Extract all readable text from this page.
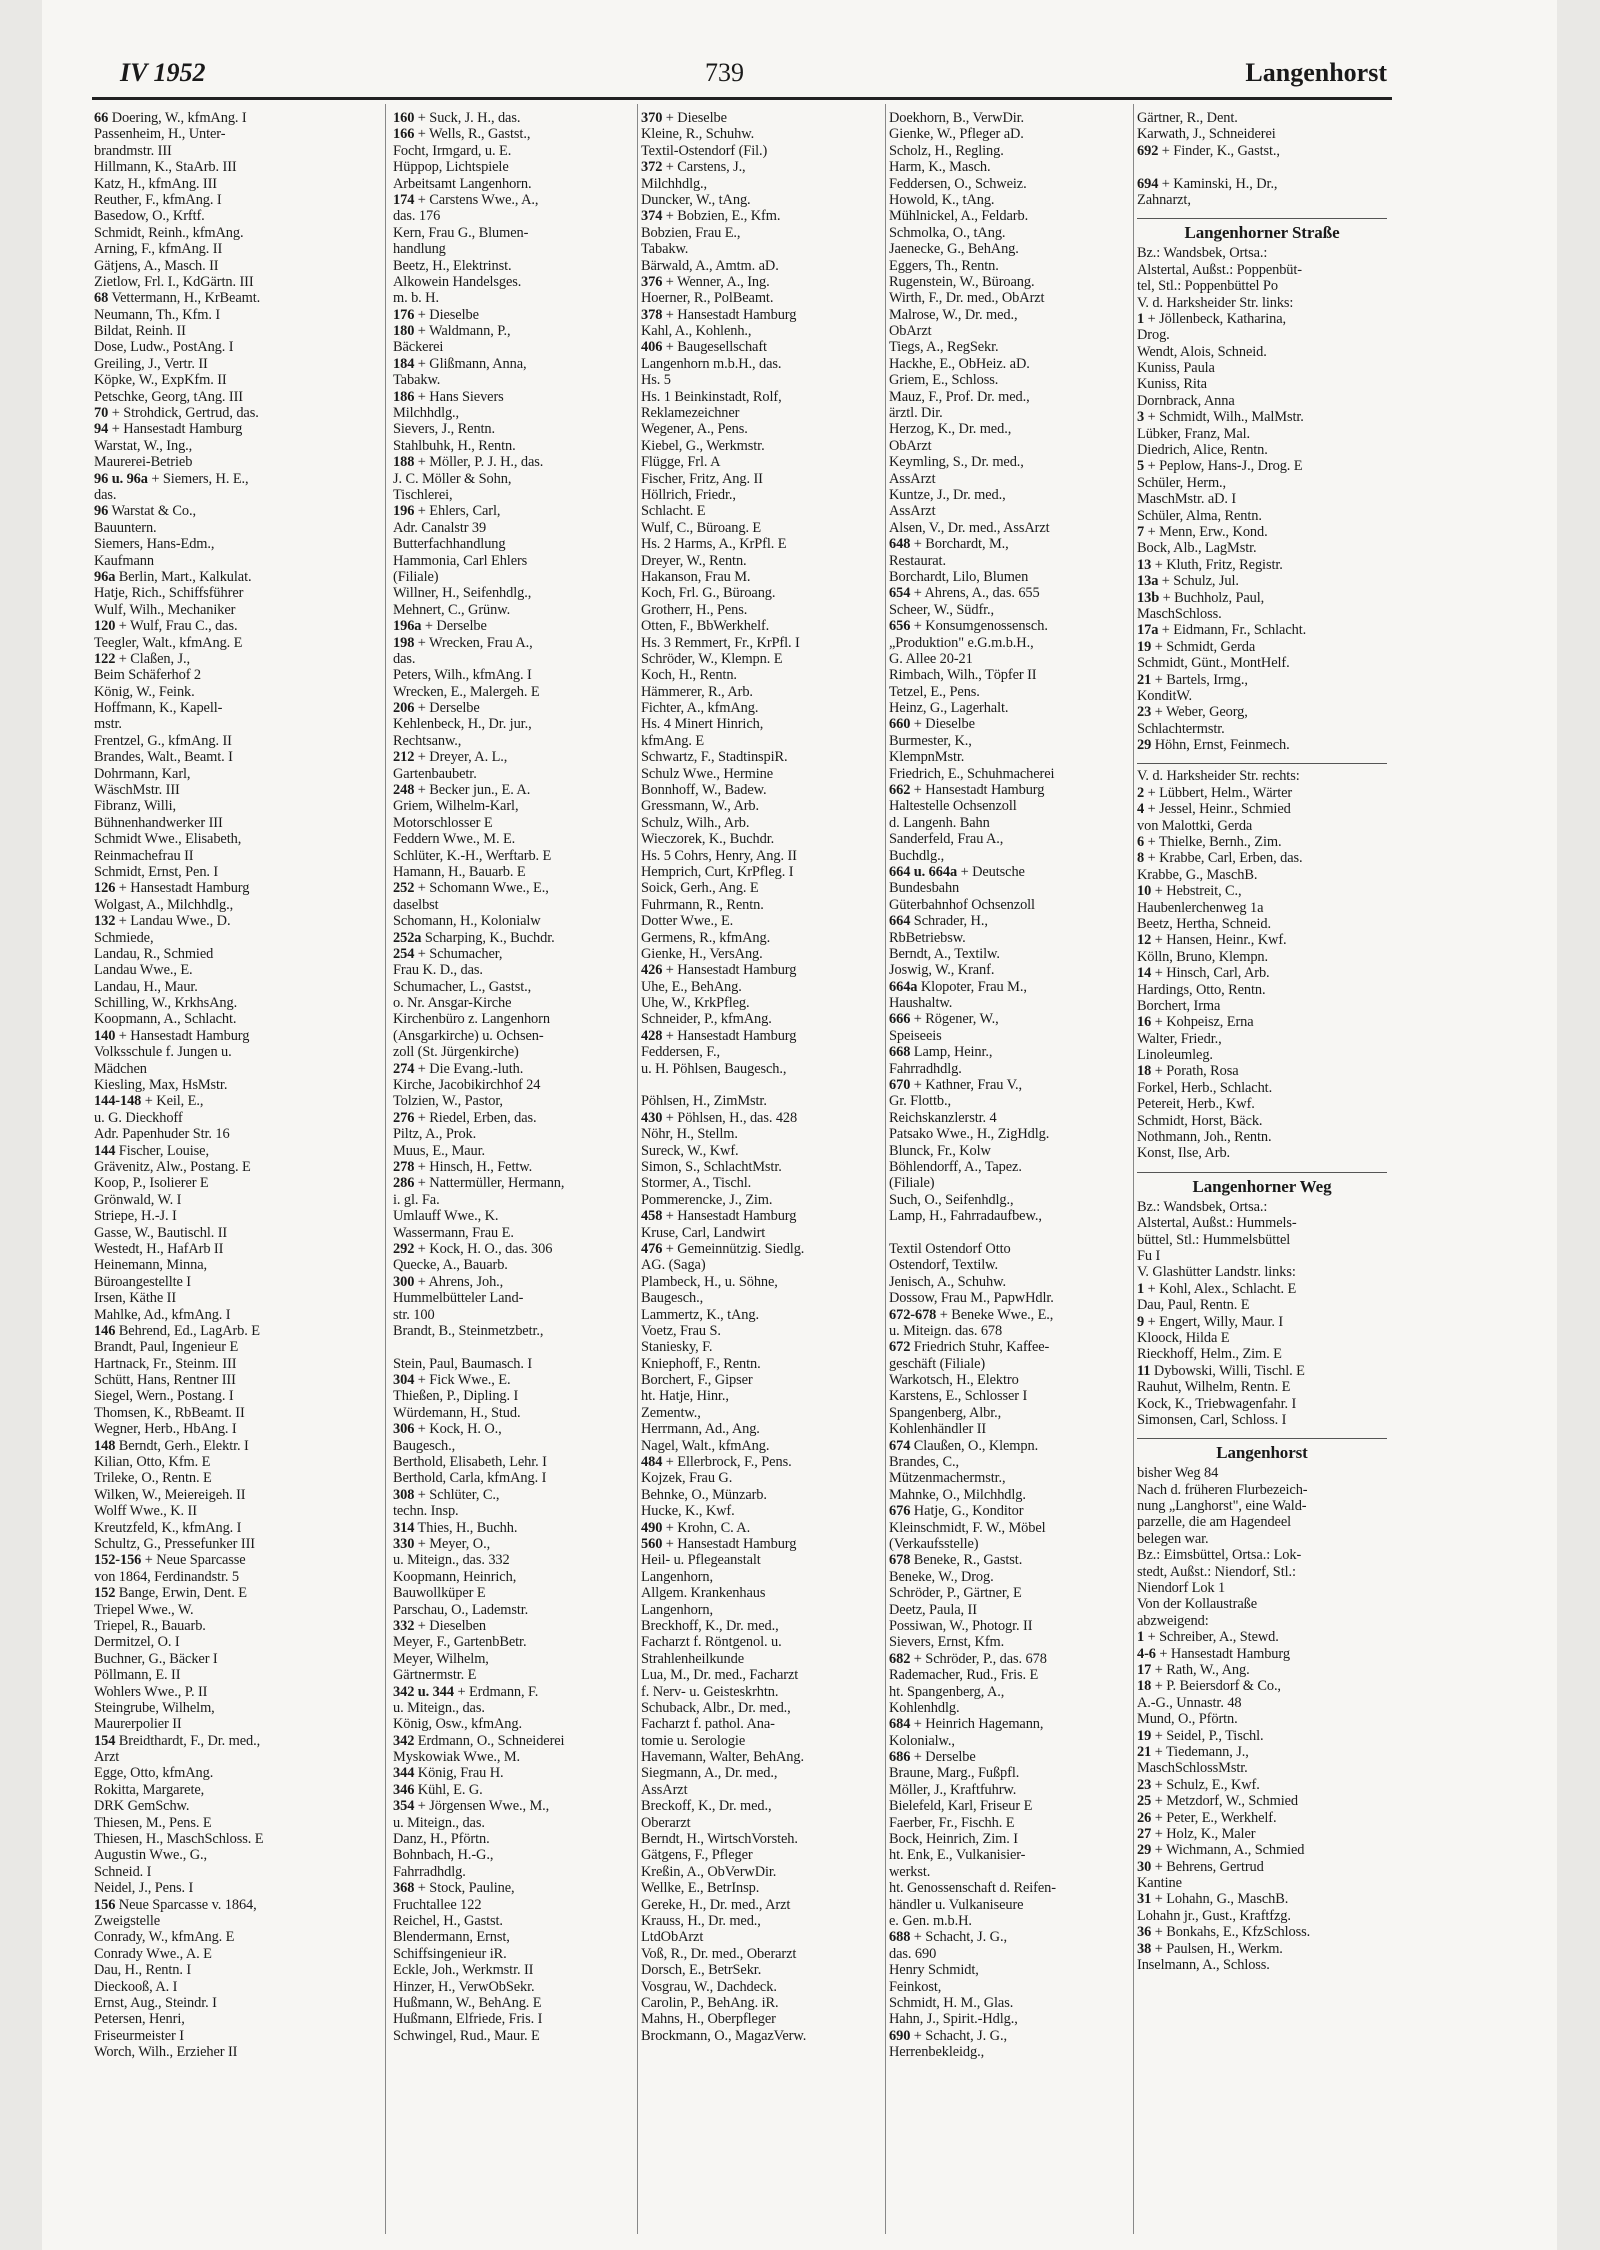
IV 1952	739	Langenhorst
66 Doering, W., kfmAng. I
Passenheim, H., Unter-
brandmstr. III
Hillmann, K., StaArb. III
Katz, H., kfmAng. III
Reuther, F., kfmAng. I
Basedow, O., Krftf.
Schmidt, Reinh., kfmAng.
Arning, F., kfmAng. II
Gätjens, A., Masch. II
Zietlow, Frl. I., KdGärtn. III
68 Vettermann, H., KrBeamt.
Neumann, Th., Kfm. I
Bildat, Reinh. II
Dose, Ludw., PostAng. I
Greiling, J., Vertr. II
Köpke, W., ExpKfm. II
Petschke, Georg, tAng. III
70 + Strohdick, Gertrud, das.
94 + Hansestadt Hamburg
Warstat, W., Ing.,
Maurerei-Betrieb
96 u. 96a + Siemers, H. E.,
das.
96 Warstat & Co.,
Bauuntern.
Siemers, Hans-Edm.,
Kaufmann
96a Berlin, Mart., Kalkulat.
Hatje, Rich., Schiffsführer
Wulf, Wilh., Mechaniker
120 + Wulf, Frau C., das.
Teegler, Walt., kfmAng. E
122 + Claßen, J.,
Beim Schäferhof 2
König, W., Feink.
Hoffmann, K., Kapell-
mstr.
Frentzel, G., kfmAng. II
Brandes, Walt., Beamt. I
Dohrmann, Karl,
WäschMstr. III
Fibranz, Willi,
Bühnenhandwerker III
Schmidt Wwe., Elisabeth,
Reinmachefrau II
Schmidt, Ernst, Pen. I
126 + Hansestadt Hamburg
Wolgast, A., Milchhdlg.,
132 + Landau Wwe., D.
Schmiede,
Landau, R., Schmied
Landau Wwe., E.
Landau, H., Maur.
Schilling, W., KrkhsAng.
Koopmann, A., Schlacht.
140 + Hansestadt Hamburg
Volksschule f. Jungen u.
Mädchen
Kiesling, Max, HsMstr.
144-148 + Keil, E.,
u. G. Dieckhoff
Adr. Papenhuder Str. 16
144 Fischer, Louise,
Grävenitz, Alw., Postang. E
Koop, P., Isolierer E
Grönwald, W. I
Striepe, H.-J. I
Gasse, W., Bautischl. II
Westedt, H., HafArb II
Heinemann, Minna,
Büroangestellte I
Irsen, Käthe II
Mahlke, Ad., kfmAng. I
146 Behrend, Ed., LagArb. E
Brandt, Paul, Ingenieur E
Hartnack, Fr., Steinm. III
Schütt, Hans, Rentner III
Siegel, Wern., Postang. I
Thomsen, K., RbBeamt. II
Wegner, Herb., HbAng. I
148 Berndt, Gerh., Elektr. I
Kilian, Otto, Kfm. E
Trileke, O., Rentn. E
Wilken, W., Meiereigeh. II
Wolff Wwe., K. II
Kreutzfeld, K., kfmAng. I
Schultz, G., Pressefunker III
152-156 + Neue Sparcasse
von 1864, Ferdinandstr. 5
152 Bange, Erwin, Dent. E
Triepel Wwe., W.
Triepel, R., Bauarb.
Dermitzel, O. I
Buchner, G., Bäcker I
Pöllmann, E. II
Wohlers Wwe., P. II
Steingrube, Wilhelm,
Maurerpolier II
154 Breidthardt, F., Dr. med.,
Arzt
Egge, Otto, kfmAng.
Rokitta, Margarete,
DRK GemSchw.
Thiesen, M., Pens. E
Thiesen, H., MaschSchloss. E
Augustin Wwe., G.,
Schneid. I
Neidel, J., Pens. I
156 Neue Sparcasse v. 1864,
Zweigstelle
Conrady, W., kfmAng. E
Conrady Wwe., A. E
Dau, H., Rentn. I
Dieckooß, A. I
Ernst, Aug., Steindr. I
Petersen, Henri,
Friseurmeister I
Worch, Wilh., Erzieher II
160 + Suck, J. H., das.
166 + Wells, R., Gastst.,
Focht, Irmgard, u. E.
Hüppop, Lichtspiele
Arbeitsamt Langenhorn.
174 + Carstens Wwe., A.,
das. 176
Kern, Frau G., Blumen-
handlung
Beetz, H., Elektrinst.
Alkowein Handelsges.
m. b. H.
176 + Dieselbe
180 + Waldmann, P.,
Bäckerei
184 + Glißmann, Anna,
Tabakw.
186 + Hans Sievers
Milchhdlg.,
Sievers, J., Rentn.
Stahlbuhk, H., Rentn.
188 + Möller, P. J. H., das.
J. C. Möller & Sohn,
Tischlerei,
196 + Ehlers, Carl,
Adr. Canalstr 39
Butterfachhandlung
Hammonia, Carl Ehlers
(Filiale)
Willner, H., Seifenhdlg.,
Mehnert, C., Grünw.
196a + Derselbe
198 + Wrecken, Frau A.,
das.
Peters, Wilh., kfmAng. I
Wrecken, E., Malergeh. E
206 + Derselbe
Kehlenbeck, H., Dr. jur.,
Rechtsanw.,
212 + Dreyer, A. L.,
Gartenbaubetr.
248 + Becker jun., E. A.
Griem, Wilhelm-Karl,
Motorschlosser E
Feddern Wwe., M. E.
Schlüter, K.-H., Werftarb. E
Hamann, H., Bauarb. E
252 + Schomann Wwe., E.,
daselbst
Schomann, H., Kolonialw
252a Scharping, K., Buchdr.
254 + Schumacher,
Frau K. D., das.
Schumacher, L., Gastst.,
o. Nr. Ansgar-Kirche
Kirchenbüro z. Langenhorn
(Ansgarkirche) u. Ochsen-
zoll (St. Jürgenkirche)
274 + Die Evang.-luth.
Kirche, Jacobikirchhof 24
Tolzien, W., Pastor,
276 + Riedel, Erben, das.
Piltz, A., Prok.
Muus, E., Maur.
278 + Hinsch, H., Fettw.
286 + Nattermüller, Hermann,
i. gl. Fa.
Umlauff Wwe., K.
Wassermann, Frau E.
292 + Kock, H. O., das. 306
Quecke, A., Bauarb.
300 + Ahrens, Joh.,
Hummelbütteler Land-
str. 100
Brandt, B., Steinmetzbetr.,
Stein, Paul, Baumasch. I
304 + Fick Wwe., E.
Thießen, P., Dipling. I
Würdemann, H., Stud.
306 + Kock, H. O.,
Baugesch.,
Berthold, Elisabeth, Lehr. I
Berthold, Carla, kfmAng. I
308 + Schlüter, C.,
techn. Insp.
314 Thies, H., Buchh.
330 + Meyer, O.,
u. Miteign., das. 332
Koopmann, Heinrich,
Bauwollküper E
Parschau, O., Lademstr.
332 + Dieselben
Meyer, F., GartenbBetr.
Meyer, Wilhelm,
Gärtnermstr. E
342 u. 344 + Erdmann, F.
u. Miteign., das.
König, Osw., kfmAng.
342 Erdmann, O., Schneiderei
Myskowiak Wwe., M.
344 König, Frau H.
346 Kühl, E. G.
354 + Jörgensen Wwe., M.,
u. Miteign., das.
Danz, H., Pförtn.
Bohnbach, H.-G.,
Fahrradhdlg.
368 + Stock, Pauline,
Fruchtallee 122
Reichel, H., Gastst.
Blendermann, Ernst,
Schiffsingenieur iR.
Eckle, Joh., Werkmstr. II
Hinzer, H., VerwObSekr.
Hußmann, W., BehAng. E
Hußmann, Elfriede, Fris. I
Schwingel, Rud., Maur. E
370 + Dieselbe
Kleine, R., Schuhw.
Textil-Ostendorf (Fil.)
372 + Carstens, J.,
Milchhdlg.,
Duncker, W., tAng.
374 + Bobzien, E., Kfm.
Bobzien, Frau E.,
Tabakw.
Bärwald, A., Amtm. aD.
376 + Wenner, A., Ing.
Hoerner, R., PolBeamt.
378 + Hansestadt Hamburg
Kahl, A., Kohlenh.,
406 + Baugesellschaft
Langenhorn m.b.H., das.
Hs. 5
Hs. 1 Beinkinstadt, Rolf,
Reklamezeichner
Wegener, A., Pens.
Kiebel, G., Werkmstr.
Flügge, Frl. A
Fischer, Fritz, Ang. II
Höllrich, Friedr.,
Schlacht. E
Wulf, C., Büroang. E
Hs. 2 Harms, A., KrPfl. E
Dreyer, W., Rentn.
Hakanson, Frau M.
Koch, Frl. G., Büroang.
Grotherr, H., Pens.
Otten, F., BbWerkhelf.
Hs. 3 Remmert, Fr., KrPfl. I
Schröder, W., Klempn. E
Koch, H., Rentn.
Hämmerer, R., Arb.
Fichter, A., kfmAng.
Hs. 4 Minert Hinrich,
kfmAng. E
Schwartz, F., StadtinspiR.
Schulz Wwe., Hermine
Bonnhoff, W., Badew.
Gressmann, W., Arb.
Schulz, Wilh., Arb.
Wieczorek, K., Buchdr.
Hs. 5 Cohrs, Henry, Ang. II
Hemprich, Curt, KrPfleg. I
Soick, Gerh., Ang. E
Fuhrmann, R., Rentn.
Dotter Wwe., E.
Germens, R., kfmAng.
Gienke, H., VersAng.
426 + Hansestadt Hamburg
Uhe, E., BehAng.
Uhe, W., KrkPfleg.
Schneider, P., kfmAng.
428 + Hansestadt Hamburg
Feddersen, F.,
u. H. Pöhlsen, Baugesch.,
Pöhlsen, H., ZimMstr.
430 + Pöhlsen, H., das. 428
Nöhr, H., Stellm.
Sureck, W., Kwf.
Simon, S., SchlachtMstr.
Stormer, A., Tischl.
Pommerencke, J., Zim.
458 + Hansestadt Hamburg
Kruse, Carl, Landwirt
476 + Gemeinnützig. Siedlg.
AG. (Saga)
Plambeck, H., u. Söhne,
Baugesch.,
Lammertz, K., tAng.
Voetz, Frau S.
Staniesky, F.
Kniephoff, F., Rentn.
Borchert, F., Gipser
ht. Hatje, Hinr.,
Zementw.,
Herrmann, Ad., Ang.
Nagel, Walt., kfmAng.
484 + Ellerbrock, F., Pens.
Kojzek, Frau G.
Behnke, O., Münzarb.
Hucke, K., Kwf.
490 + Krohn, C. A.
560 + Hansestadt Hamburg
Heil- u. Pflegeanstalt
Langenhorn,
Allgem. Krankenhaus
Langenhorn,
Breckhoff, K., Dr. med.,
Facharzt f. Röntgenol. u.
Strahlenheilkunde
Lua, M., Dr. med., Facharzt
f. Nerv- u. Geisteskrhtn.
Schuback, Albr., Dr. med.,
Facharzt f. pathol. Ana-
tomie u. Serologie
Havemann, Walter, BehAng.
Siegmann, A., Dr. med.,
AssArzt
Breckoff, K., Dr. med.,
Oberarzt
Berndt, H., WirtschVorsteh.
Gätgens, F., Pfleger
Kreßin, A., ObVerwDir.
Wellke, E., BetrInsp.
Gereke, H., Dr. med., Arzt
Krauss, H., Dr. med.,
LtdObArzt
Voß, R., Dr. med., Oberarzt
Dorsch, E., BetrSekr.
Vosgrau, W., Dachdeck.
Carolin, P., BehAng. iR.
Mahns, H., Oberpfleger
Brockmann, O., MagazVerw.
Doekhorn, B., VerwDir.
Gienke, W., Pfleger aD.
Scholz, H., Regling.
Harm, K., Masch.
Feddersen, O., Schweiz.
Howold, K., tAng.
Mühlnickel, A., Feldarb.
Schmolka, O., tAng.
Jaenecke, G., BehAng.
Eggers, Th., Rentn.
Rugenstein, W., Büroang.
Wirth, F., Dr. med., ObArzt
Malrose, W., Dr. med.,
ObArzt
Tiegs, A., RegSekr.
Hackhe, E., ObHeiz. aD.
Griem, E., Schloss.
Mauz, F., Prof. Dr. med.,
ärztl. Dir.
Herzog, K., Dr. med.,
ObArzt
Keymling, S., Dr. med.,
AssArzt
Kuntze, J., Dr. med.,
AssArzt
Alsen, V., Dr. med., AssArzt
648 + Borchardt, M.,
Restaurat.
Borchardt, Lilo, Blumen
654 + Ahrens, A., das. 655
Scheer, W., Südfr.,
656 + Konsumgenossensch.
„Produktion" e.G.m.b.H.,
G. Allee 20-21
Rimbach, Wilh., Töpfer II
Tetzel, E., Pens.
Heinz, G., Lagerhalt.
660 + Dieselbe
Burmester, K.,
KlempnMstr.
Friedrich, E., Schuhmacherei
662 + Hansestadt Hamburg
Haltestelle Ochsenzoll
d. Langenh. Bahn
Sanderfeld, Frau A.,
Buchdlg.,
664 u. 664a + Deutsche
Bundesbahn
Güterbahnhof Ochsenzoll
664 Schrader, H.,
RbBetriebsw.
Berndt, A., Textilw.
Joswig, W., Kranf.
664a Klopoter, Frau M.,
Haushaltw.
666 + Rögener, W.,
Speiseeis
668 Lamp, Heinr.,
Fahrradhdlg.
670 + Kathner, Frau V.,
Gr. Flottb.,
Reichskanzlerstr. 4
Patsako Wwe., H., ZigHdlg.
Blunck, Fr., Kolw
Böhlendorff, A., Tapez.
(Filiale)
Such, O., Seifenhdlg.,
Lamp, H., Fahrradaufbew.,
Textil Ostendorf Otto
Ostendorf, Textilw.
Jenisch, A., Schuhw.
Dossow, Frau M., PapwHdlr.
672-678 + Beneke Wwe., E.,
u. Miteign. das. 678
672 Friedrich Stuhr, Kaffee-
geschäft (Filiale)
Warkotsch, H., Elektro
Karstens, E., Schlosser I
Spangenberg, Albr.,
Kohlenhändler II
674 Claußen, O., Klempn.
Brandes, C.,
Mützenmachermstr.,
Mahnke, O., Milchhdlg.
676 Hatje, G., Konditor
Kleinschmidt, F. W., Möbel
(Verkaufsstelle)
678 Beneke, R., Gastst.
Beneke, W., Drog.
Schröder, P., Gärtner, E
Deetz, Paula, II
Possiwan, W., Photogr. II
Sievers, Ernst, Kfm.
682 + Schröder, P., das. 678
Rademacher, Rud., Fris. E
ht. Spangenberg, A.,
Kohlenhdlg.
684 + Heinrich Hagemann,
Kolonialw.,
686 + Derselbe
Braune, Marg., Fußpfl.
Möller, J., Kraftfuhrw.
Bielefeld, Karl, Friseur E
Faerber, Fr., Fischh. E
Bock, Heinrich, Zim. I
ht. Enk, E., Vulkanisier-
werkst.
ht. Genossenschaft d. Reifen-
händler u. Vulkaniseure
e. Gen. m.b.H.
688 + Schacht, J. G.,
das. 690
Henry Schmidt,
Feinkost,
Schmidt, H. M., Glas.
Hahn, J., Spirit.-Hdlg.,
690 + Schacht, J. G.,
Herrenbekleidg.,
Gärtner, R., Dent.
Karwath, J., Schneiderei
692 + Finder, K., Gastst.,
694 + Kaminski, H., Dr.,
Zahnarzt,
Langenhorner Straße
Bz.: Wandsbek, Ortsa.:
Alstertal, Außst.: Poppenbüt-
tel, Stl.: Poppenbüttel Po
V. d. Harksheider Str. links:
1 + Jöllenbeck, Katharina,
Drog.
Wendt, Alois, Schneid.
Kuniss, Paula
Kuniss, Rita
Dornbrack, Anna
3 + Schmidt, Wilh., MalMstr.
Lübker, Franz, Mal.
Diedrich, Alice, Rentn.
5 + Peplow, Hans-J., Drog. E
Schüler, Herm.,
MaschMstr. aD. I
Schüler, Alma, Rentn.
7 + Menn, Erw., Kond.
Bock, Alb., LagMstr.
13 + Kluth, Fritz, Registr.
13a + Schulz, Jul.
13b + Buchholz, Paul,
MaschSchloss.
17a + Eidmann, Fr., Schlacht.
19 + Schmidt, Gerda
Schmidt, Günt., MontHelf.
21 + Bartels, Irmg.,
KonditW.
23 + Weber, Georg,
Schlachtermstr.
29 Höhn, Ernst, Feinmech.
V. d. Harksheider Str. rechts:
2 + Lübbert, Helm., Wärter
4 + Jessel, Heinr., Schmied
von Malottki, Gerda
6 + Thielke, Bernh., Zim.
8 + Krabbe, Carl, Erben, das.
Krabbe, G., MaschB.
10 + Hebstreit, C.,
Haubenlerchenweg 1a
Beetz, Hertha, Schneid.
12 + Hansen, Heinr., Kwf.
Kölln, Bruno, Klempn.
14 + Hinsch, Carl, Arb.
Hardings, Otto, Rentn.
Borchert, Irma
16 + Kohpeisz, Erna
Walter, Friedr.,
Linoleumleg.
18 + Porath, Rosa
Forkel, Herb., Schlacht.
Petereit, Herb., Kwf.
Schmidt, Horst, Bäck.
Nothmann, Joh., Rentn.
Konst, Ilse, Arb.
Langenhorner Weg
Bz.: Wandsbek, Ortsa.:
Alstertal, Außst.: Hummels-
büttel, Stl.: Hummelsbüttel
Fu I
V. Glashütter Landstr. links:
1 + Kohl, Alex., Schlacht. E
Dau, Paul, Rentn. E
9 + Engert, Willy, Maur. I
Kloock, Hilda E
Rieckhoff, Helm., Zim. E
11 Dybowski, Willi, Tischl. E
Rauhut, Wilhelm, Rentn. E
Kock, K., Triebwagenfahr. I
Simonsen, Carl, Schloss. I
Langenhorst
bisher Weg 84
Nach d. früheren Flurbezeich-
nung „Langhorst", eine Wald-
parzelle, die am Hagendeel
belegen war.
Bz.: Eimsbüttel, Ortsa.: Lok-
stedt, Außst.: Niendorf, Stl.:
Niendorf Lok 1
Von der Kollaustraße
abzweigend:
1 + Schreiber, A., Stewd.
4-6 + Hansestadt Hamburg
17 + Rath, W., Ang.
18 + P. Beiersdorf & Co.,
A.-G., Unnastr. 48
Mund, O., Pförtn.
19 + Seidel, P., Tischl.
21 + Tiedemann, J.,
MaschSchlossMstr.
23 + Schulz, E., Kwf.
25 + Metzdorf, W., Schmied
26 + Peter, E., Werkhelf.
27 + Holz, K., Maler
29 + Wichmann, A., Schmied
30 + Behrens, Gertrud
Kantine
31 + Lohahn, G., MaschB.
Lohahn jr., Gust., Kraftfzg.
36 + Bonkahs, E., KfzSchloss.
38 + Paulsen, H., Werkm.
Inselmann, A., Schloss.
